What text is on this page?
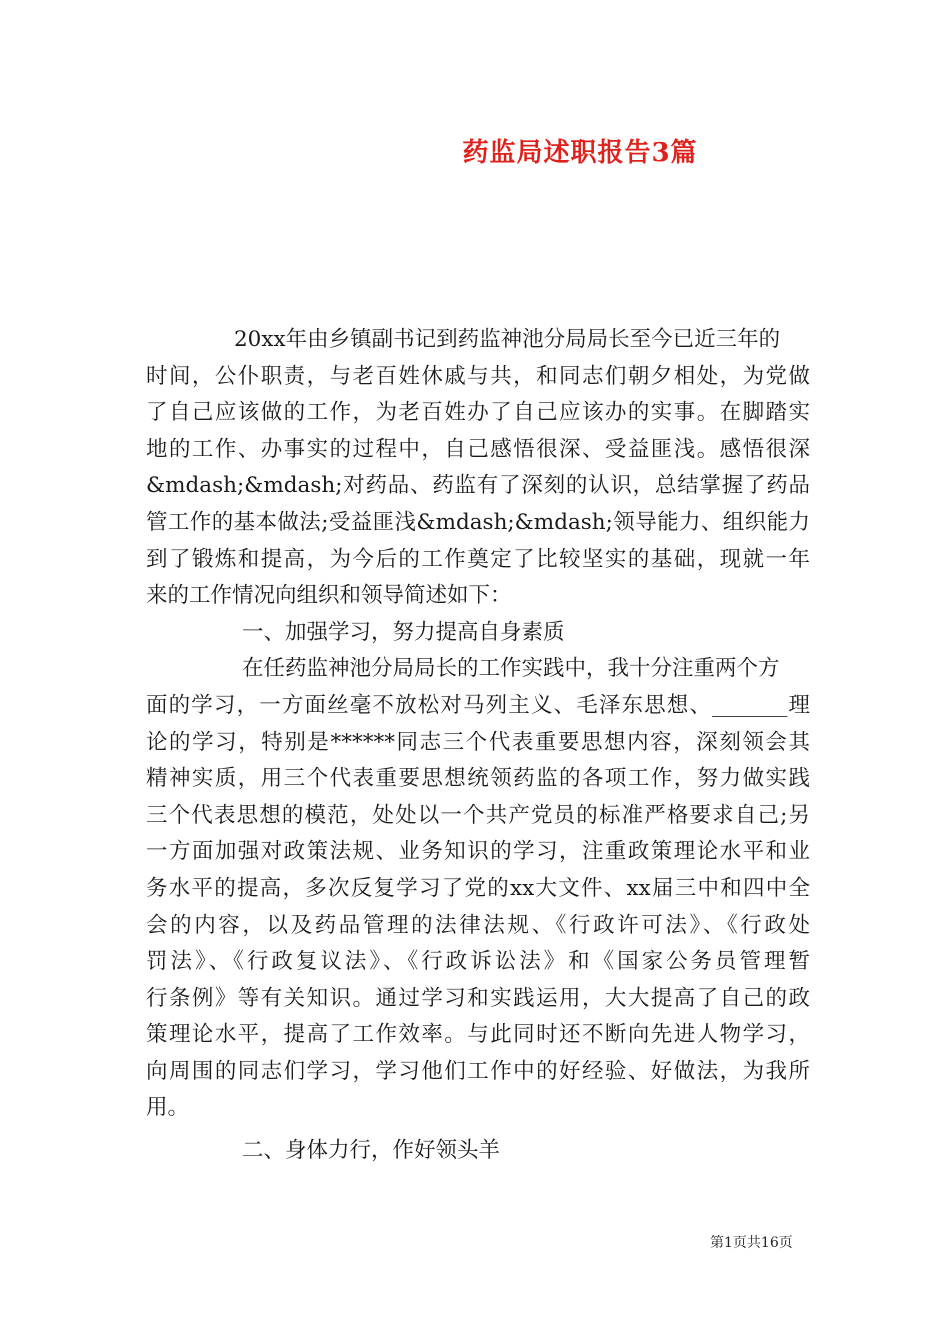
药监局述职报告3篇
20xx年由乡镇副书记到药监神池分局局长至今已近三年的
时间，公仆职责，与老百姓休戚与共，和同志们朝夕相处，为党做
了自己应该做的工作，为老百姓办了自己应该办的实事。在脚踏实
地的工作、办事实的过程中，自己感悟很深、受益匪浅。感悟很深
&mdash;&mdash;对药品、药监有了深刻的认识，总结掌握了药品
管工作的基本做法;受益匪浅&mdash;&mdash;领导能力、组织能力
到了锻炼和提高，为今后的工作奠定了比较坚实的基础，现就一年
来的工作情况向组织和领导简述如下：
一、加强学习，努力提高自身素质
在任药监神池分局局长的工作实践中，我十分注重两个方
面的学习，一方面丝毫不放松对马列主义、毛泽东思想、_______理
论的学习，特别是******同志三个代表重要思想内容，深刻领会其
精神实质，用三个代表重要思想统领药监的各项工作，努力做实践
三个代表思想的模范，处处以一个共产党员的标准严格要求自己;另
一方面加强对政策法规、业务知识的学习，注重政策理论水平和业
务水平的提高，多次反复学习了党的xx大文件、xx届三中和四中全
会的内容，以及药品管理的法律法规、《行政许可法》、《行政处
罚法》、《行政复议法》、《行政诉讼法》和《国家公务员管理暂
行条例》等有关知识。通过学习和实践运用，大大提高了自己的政
策理论水平，提高了工作效率。与此同时还不断向先进人物学习，
向周围的同志们学习，学习他们工作中的好经验、好做法，为我所
用。
二、身体力行，作好领头羊
第1页共16页
